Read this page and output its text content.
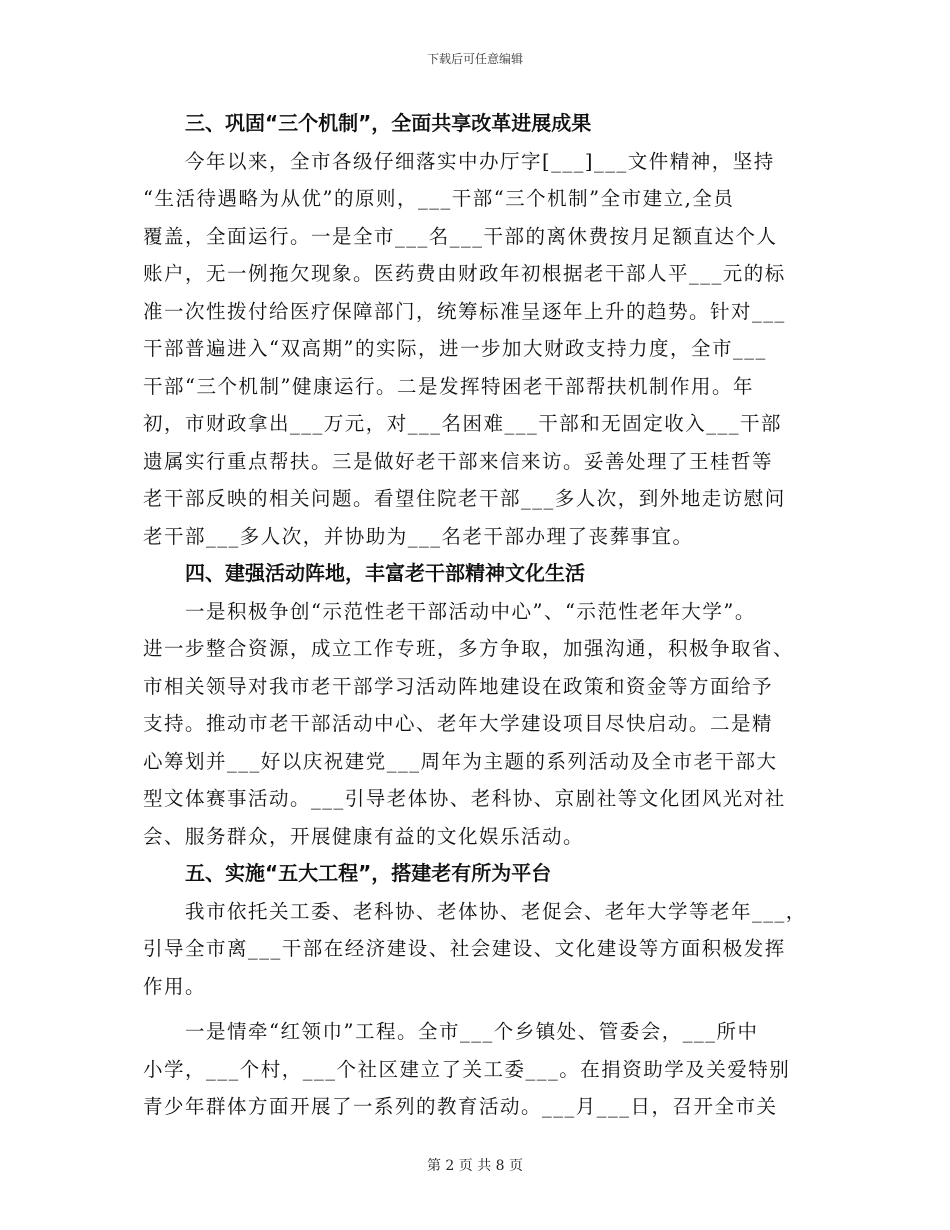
下载后可任意编辑
三、巩固“三个机制”，全面共享改革进展成果

今年以来，全市各级仔细落实中办厅字[___]___文件精神，坚持
“生活待遇略为从优”的原则，___干部“三个机制”全市建立,全员
覆盖，全面运行。一是全市___名___干部的离休费按月足额直达个人
账户，无一例拖欠现象。医药费由财政年初根据老干部人平___元的标
准一次性拨付给医疗保障部门，统筹标准呈逐年上升的趋势。针对___
干部普遍进入“双高期”的实际，进一步加大财政支持力度，全市___
干部“三个机制”健康运行。二是发挥特困老干部帮扶机制作用。年
初，市财政拿出___万元，对___名困难___干部和无固定收入___干部
遗属实行重点帮扶。三是做好老干部来信来访。妥善处理了王桂哲等
老干部反映的相关问题。看望住院老干部___多人次，到外地走访慰问
老干部___多人次，并协助为___名老干部办理了丧葬事宜。

四、建强活动阵地，丰富老干部精神文化生活

一是积极争创“示范性老干部活动中心”、“示范性老年大学”。
进一步整合资源，成立工作专班，多方争取，加强沟通，积极争取省、
市相关领导对我市老干部学习活动阵地建设在政策和资金等方面给予
支持。推动市老干部活动中心、老年大学建设项目尽快启动。二是精
心筹划并___好以庆祝建党___周年为主题的系列活动及全市老干部大
型文体赛事活动。___引导老体协、老科协、京剧社等文化团风光对社
会、服务群众，开展健康有益的文化娱乐活动。

五、实施“五大工程”，搭建老有所为平台

我市依托关工委、老科协、老体协、老促会、老年大学等老年___，
引导全市离___干部在经济建设、社会建设、文化建设等方面积极发挥
作用。

一是情牵“红领巾”工程。全市___个乡镇处、管委会，___所中
小学，___个村，___个社区建立了关工委___。在捐资助学及关爱特别
青少年群体方面开展了一系列的教育活动。___月___日，召开全市关

第 2 页 共 8 页
